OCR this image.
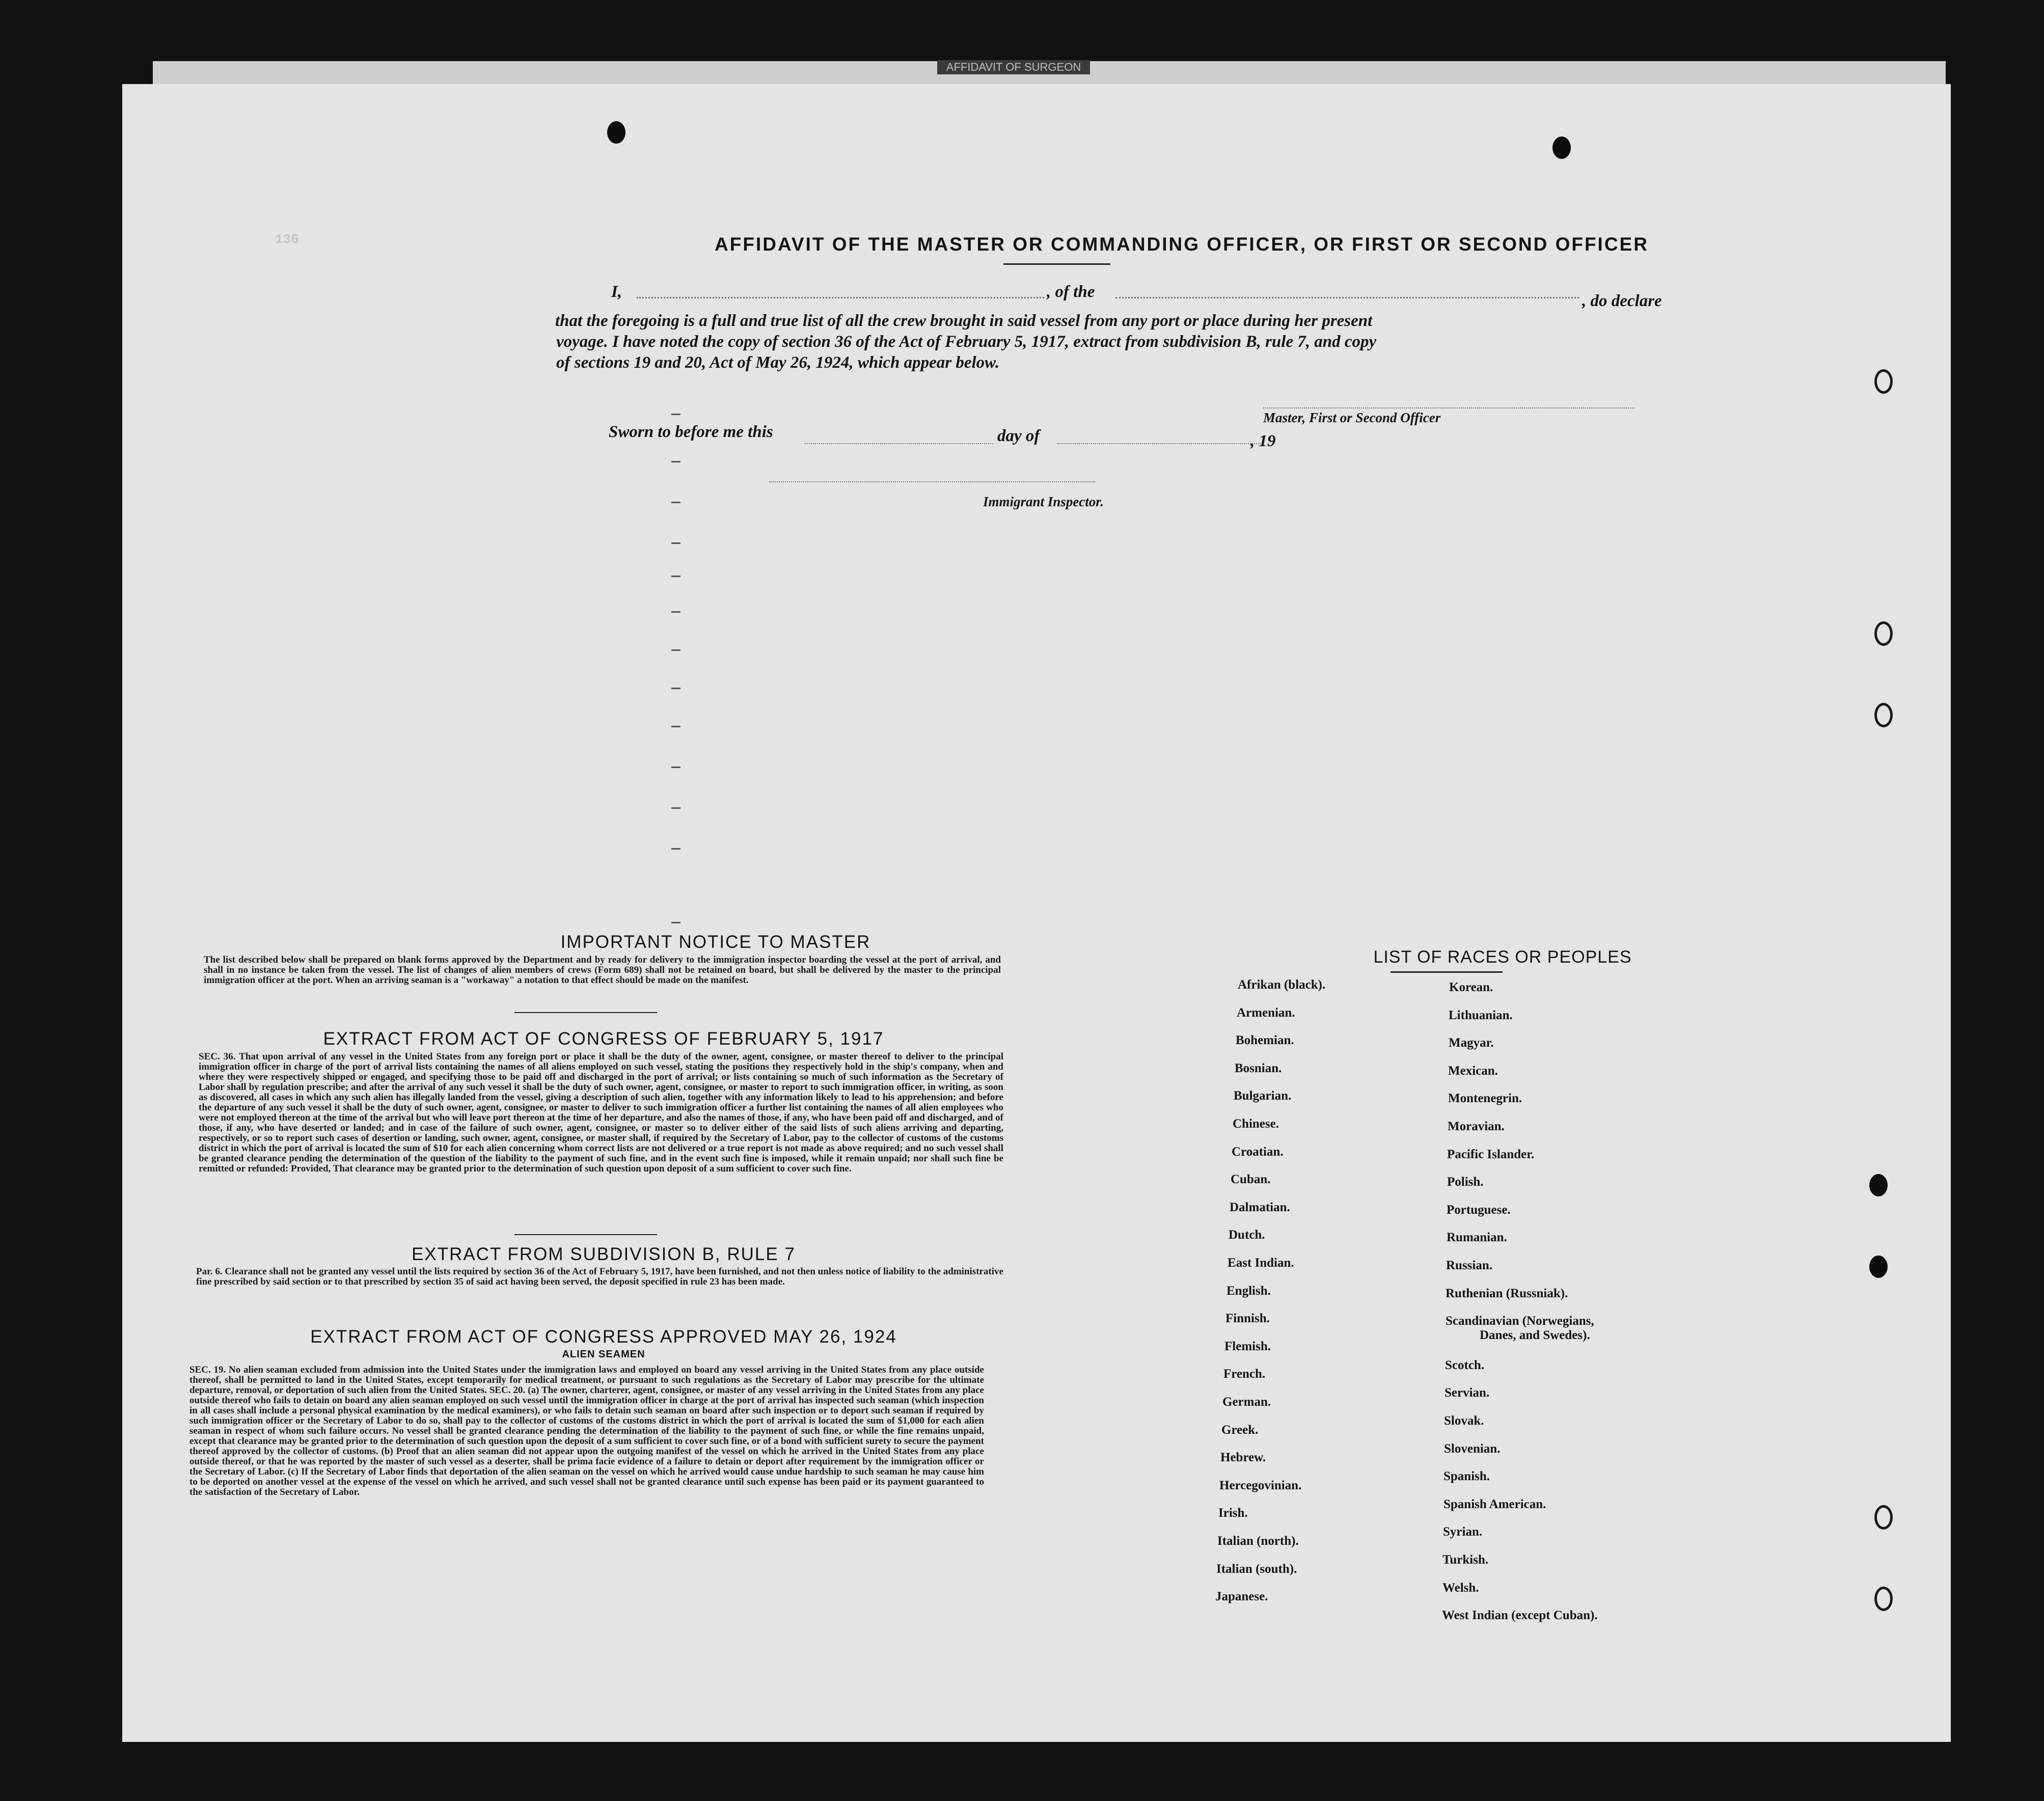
AFFIDAVIT OF SURGEON
136	AFFIDAVIT OF THE MASTER OR COMMANDING OFFICER, OR FIRST OR SECOND OFFICER
I,	, of the	, do declare
that the foregoing is a full and true list of all the crew brought in said vessel from any port or place during her present
voyage. I have noted the copy of section 36 of the Act of February 5, 1917, extract from subdivision B, rule 7, and copy
of sections 19 and 20, Act of May 26, 1924, which appear below.
Master, First or Second Officer
Sworn to before me this	day of	, 19
Immigrant Inspector.
IMPORTANT NOTICE TO MASTER
The list described below shall be prepared on blank forms approved by the Department and by ready for delivery to the immigration inspector boarding the vessel at the port of arrival, and shall in no instance be taken from the vessel. The list of changes of alien members of crews (Form 689) shall not be retained on board, but shall be delivered by the master to the principal immigration officer at the port. When an arriving seaman is a "workaway" a notation to that effect should be made on the manifest.
EXTRACT FROM ACT OF CONGRESS OF FEBRUARY 5, 1917
SEC. 36. That upon arrival of any vessel in the United States from any foreign port or place it shall be the duty of the owner, agent, consignee, or master thereof to deliver to the principal immigration officer in charge of the port of arrival lists containing the names of all aliens employed on such vessel, stating the positions they respectively hold in the ship's company, when and where they were respectively shipped or engaged, and specifying those to be paid off and discharged in the port of arrival; or lists containing so much of such information as the Secretary of Labor shall by regulation prescribe; and after the arrival of any such vessel it shall be the duty of such owner, agent, consignee, or master to report to such immigration officer, in writing, as soon as discovered, all cases in which any such alien has illegally landed from the vessel, giving a description of such alien, together with any information likely to lead to his apprehension; and before the departure of any such vessel it shall be the duty of such owner, agent, consignee, or master to deliver to such immigration officer a further list containing the names of all alien employees who were not employed thereon at the time of the arrival but who will leave port thereon at the time of her departure, and also the names of those, if any, who have been paid off and discharged, and of those, if any, who have deserted or landed; and in case of the failure of such owner, agent, consignee, or master so to deliver either of the said lists of such aliens arriving and departing, respectively, or so to report such cases of desertion or landing, such owner, agent, consignee, or master shall, if required by the Secretary of Labor, pay to the collector of customs of the customs district in which the port of arrival is located the sum of $10 for each alien concerning whom correct lists are not delivered or a true report is not made as above required; and no such vessel shall be granted clearance pending the determination of the question of the liability to the payment of such fine, and in the event such fine is imposed, while it remain unpaid; nor shall such fine be remitted or refunded: Provided, That clearance may be granted prior to the determination of such question upon deposit of a sum sufficient to cover such fine.
EXTRACT FROM SUBDIVISION B, RULE 7
Par. 6. Clearance shall not be granted any vessel until the lists required by section 36 of the Act of February 5, 1917, have been furnished, and not then unless notice of liability to the administrative fine prescribed by said section or to that prescribed by section 35 of said act having been served, the deposit specified in rule 23 has been made.
EXTRACT FROM ACT OF CONGRESS APPROVED MAY 26, 1924
ALIEN SEAMEN
SEC. 19. No alien seaman excluded from admission into the United States under the immigration laws and employed on board any vessel arriving in the United States from any place outside thereof, shall be permitted to land in the United States, except temporarily for medical treatment, or pursuant to such regulations as the Secretary of Labor may prescribe for the ultimate departure, removal, or deportation of such alien from the United States. SEC. 20. (a) The owner, charterer, agent, consignee, or master of any vessel arriving in the United States from any place outside thereof who fails to detain on board any alien seaman employed on such vessel until the immigration officer in charge at the port of arrival has inspected such seaman (which inspection in all cases shall include a personal physical examination by the medical examiners), or who fails to detain such seaman on board after such inspection or to deport such seaman if required by such immigration officer or the Secretary of Labor to do so, shall pay to the collector of customs of the customs district in which the port of arrival is located the sum of $1,000 for each alien seaman in respect of whom such failure occurs. No vessel shall be granted clearance pending the determination of the liability to the payment of such fine, or while the fine remains unpaid, except that clearance may be granted prior to the determination of such question upon the deposit of a sum sufficient to cover such fine, or of a bond with sufficient surety to secure the payment thereof approved by the collector of customs. (b) Proof that an alien seaman did not appear upon the outgoing manifest of the vessel on which he arrived in the United States from any place outside thereof, or that he was reported by the master of such vessel as a deserter, shall be prima facie evidence of a failure to detain or deport after requirement by the immigration officer or the Secretary of Labor. (c) If the Secretary of Labor finds that deportation of the alien seaman on the vessel on which he arrived would cause undue hardship to such seaman he may cause him to be deported on another vessel at the expense of the vessel on which he arrived, and such vessel shall not be granted clearance until such expense has been paid or its payment guaranteed to the satisfaction of the Secretary of Labor.
LIST OF RACES OR PEOPLES
Afrikan (black).
Armenian.
Bohemian.
Bosnian.
Bulgarian.
Chinese.
Croatian.
Cuban.
Dalmatian.
Dutch.
East Indian.
English.
Finnish.
Flemish.
French.
German.
Greek.
Hebrew.
Hercegovinian.
Irish.
Italian (north).
Italian (south).
Japanese.
Korean.
Lithuanian.
Magyar.
Mexican.
Montenegrin.
Moravian.
Pacific Islander.
Polish.
Portuguese.
Rumanian.
Russian.
Ruthenian (Russniak).
Scandinavian (Norwegians,
Danes, and Swedes).
Scotch.
Servian.
Slovak.
Slovenian.
Spanish.
Spanish American.
Syrian.
Turkish.
Welsh.
West Indian (except Cuban).
